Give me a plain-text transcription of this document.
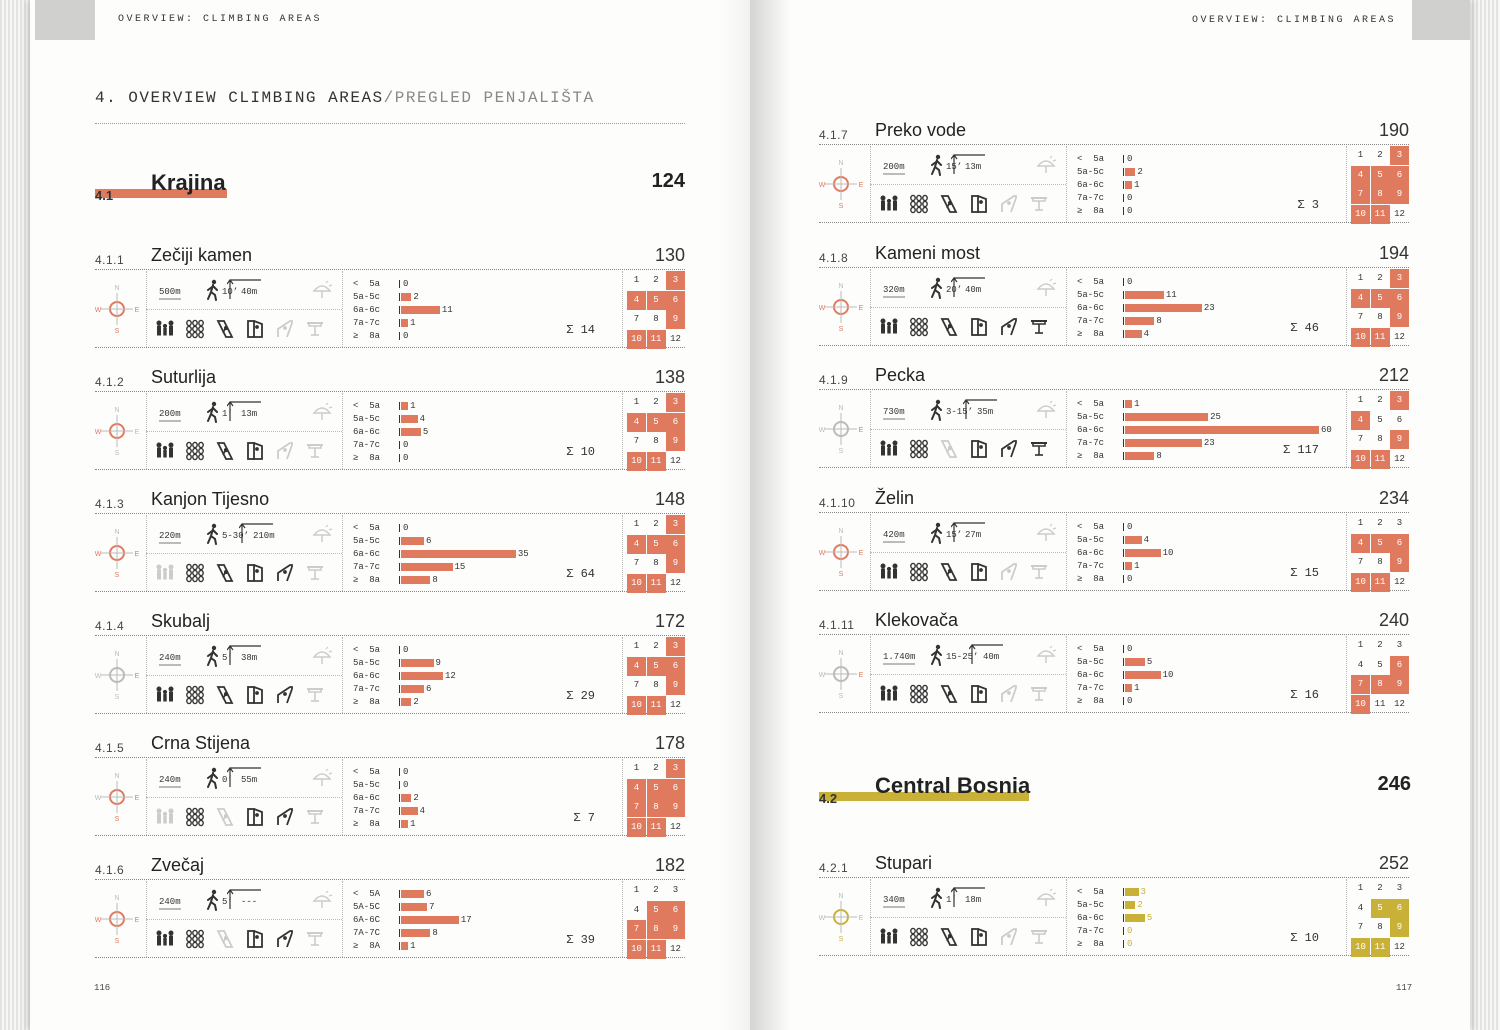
OVERVIEW: CLIMBING AREAS
4. OVERVIEW CLIMBING AREAS/PREGLED PENJALIŠTA
4.1
Krajina	124
4.1.1 Zečiji kamen	130
N
S
W	E
500m	10’ 40m
<  5a	0
5a-5c	2
6a-6c	11
7a-7c	1
≥  8a	0	Σ 14
1	2	3
4	5	6
7	8	9
10 11 12
4.1.2 Suturlija	138
N
S
W	E
200m	1’ 13m
<  5a	1
5a-5c	4
6a-6c	5
7a-7c	0
≥  8a	0	Σ 10
1	2	3
4	5	6
7	8	9
10 11 12
4.1.3 Kanjon Tijesno	148
N
S
W	E
220m	5-30’ 210m
<  5a	0
5a-5c	6
6a-6c	35
7a-7c	15
≥  8a	8	Σ 64
1	2	3
4	5	6
7	8	9
10 11 12
4.1.4 Skubalj	172
N
S
W	E
240m	5’ 38m
<  5a	0
5a-5c	9
6a-6c	12
7a-7c	6
≥  8a	2	Σ 29
1	2	3
4	5	6
7	8	9
10 11 12
4.1.5 Crna Stijena	178
N
S
W	E
240m	0’ 55m
<  5a	0
5a-5c	0
6a-6c	2
7a-7c	4
≥  8a	1	Σ 7
1	2	3
4	5	6
7	8	9
10 11 12
4.1.6 Zvečaj	182
N
S
W	E
240m	5’ ---
<  5A	6
5A-5C	7
6A-6C	17
7A-7C	8
≥  8A	1	Σ 39
1	2	3
4	5	6
7	8	9
10 11 12
116
OVERVIEW: CLIMBING AREAS
4.2
Central Bosnia	246
4.1.7 Preko vode	190
N
S
W	E
200m	15’ 13m
<  5a	0
5a-5c	2
6a-6c	1
7a-7c	0
≥  8a	0	Σ 3
1	2	3
4	5	6
7	8	9
10 11 12
4.1.8 Kameni most	194
N
S
W	E
320m	20’ 40m
<  5a	0
5a-5c	11
6a-6c	23
7a-7c	8
≥  8a	4	Σ 46
1	2	3
4	5	6
7	8	9
10 11 12
4.1.9 Pecka	212
N
S
W	E
730m	3-15’ 35m
<  5a	1
5a-5c	25
6a-6c	60
7a-7c	23
≥  8a	8	Σ 117
1	2	3
4	5	6
7	8	9
10 11 12
4.1.10 Želin	234
N
S
W	E
420m	15’ 27m
<  5a	0
5a-5c	4
6a-6c	10
7a-7c	1
≥  8a	0	Σ 15
1	2	3
4	5	6
7	8	9
10 11 12
4.1.11 Klekovača	240
N
S
W	E
1.740m	15-25’ 40m
<  5a	0
5a-5c	5
6a-6c	10
7a-7c	1
≥  8a	0	Σ 16
1	2	3
4	5	6
7	8	9
10 11 12
4.2.1 Stupari	252
N
S
W	E
340m	1’ 18m
<  5a	3
5a-5c	2
6a-6c	5
7a-7c	0
≥  8a	0	Σ 10
1	2	3
4	5	6
7	8	9
10 11 12
117
